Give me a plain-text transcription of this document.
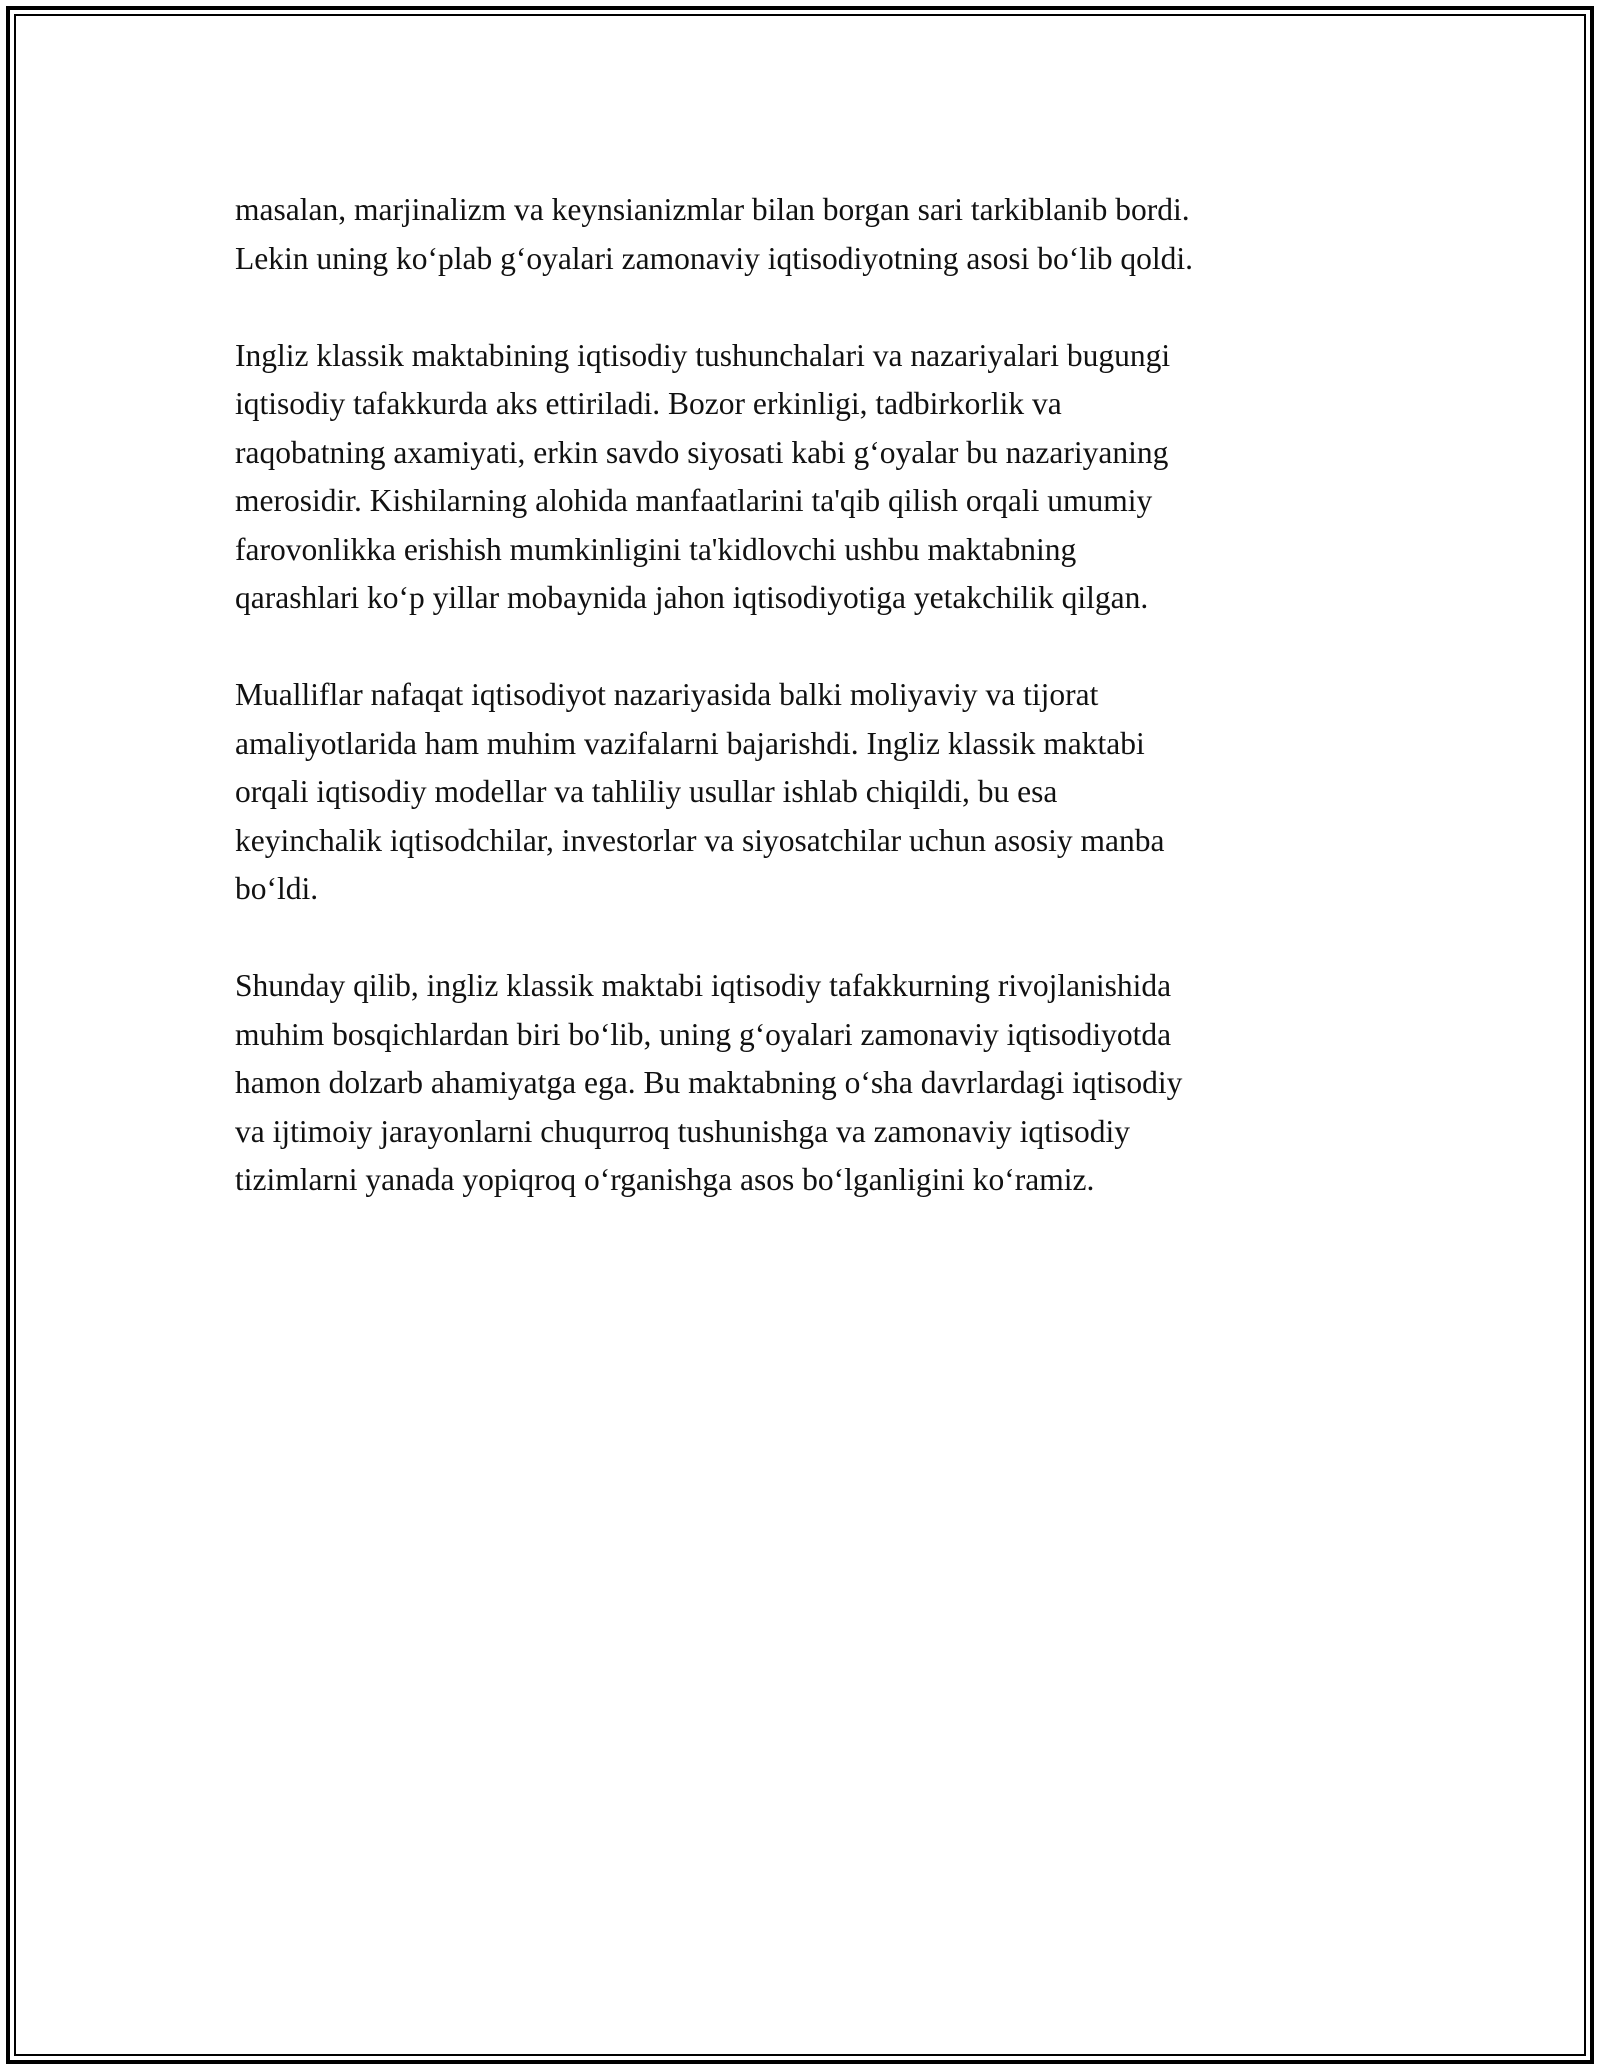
masalan, marjinalizm va keynsianizmlar bilan borgan sari tarkiblanib bordi.
Lekin uning ko‘plab g‘oyalari zamonaviy iqtisodiyotning asosi bo‘lib qoldi.
Ingliz klassik maktabining iqtisodiy tushunchalari va nazariyalari bugungi
iqtisodiy tafakkurda aks ettiriladi. Bozor erkinligi, tadbirkorlik va
raqobatning axamiyati, erkin savdo siyosati kabi g‘oyalar bu nazariyaning
merosidir. Kishilarning alohida manfaatlarini ta'qib qilish orqali umumiy
farovonlikka erishish mumkinligini ta'kidlovchi ushbu maktabning
qarashlari ko‘p yillar mobaynida jahon iqtisodiyotiga yetakchilik qilgan.
Mualliflar nafaqat iqtisodiyot nazariyasida balki moliyaviy va tijorat
amaliyotlarida ham muhim vazifalarni bajarishdi. Ingliz klassik maktabi
orqali iqtisodiy modellar va tahliliy usullar ishlab chiqildi, bu esa
keyinchalik iqtisodchilar, investorlar va siyosatchilar uchun asosiy manba
bo‘ldi.
Shunday qilib, ingliz klassik maktabi iqtisodiy tafakkurning rivojlanishida
muhim bosqichlardan biri bo‘lib, uning g‘oyalari zamonaviy iqtisodiyotda
hamon dolzarb ahamiyatga ega. Bu maktabning o‘sha davrlardagi iqtisodiy
va ijtimoiy jarayonlarni chuqurroq tushunishga va zamonaviy iqtisodiy
tizimlarni yanada yopiqroq o‘rganishga asos bo‘lganligini ko‘ramiz.
